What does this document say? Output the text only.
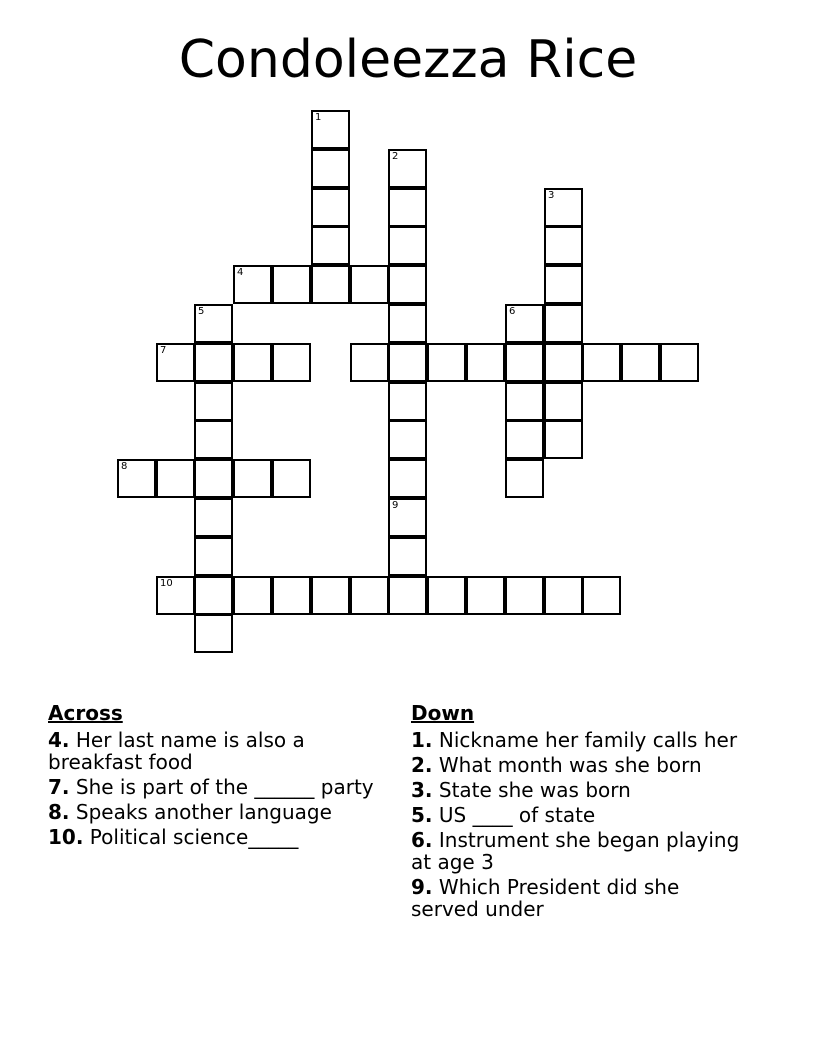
Condoleezza Rice
1
2
3
4
5	6
7
8
9
10
Across
4. Her last name is also a breakfast food
7. She is part of the ______ party
8. Speaks another language
10. Political science_____
Down
1. Nickname her family calls her
2. What month was she born
3. State she was born
5. US ____ of state
6. Instrument she began playing at age 3
9. Which President did she served under
